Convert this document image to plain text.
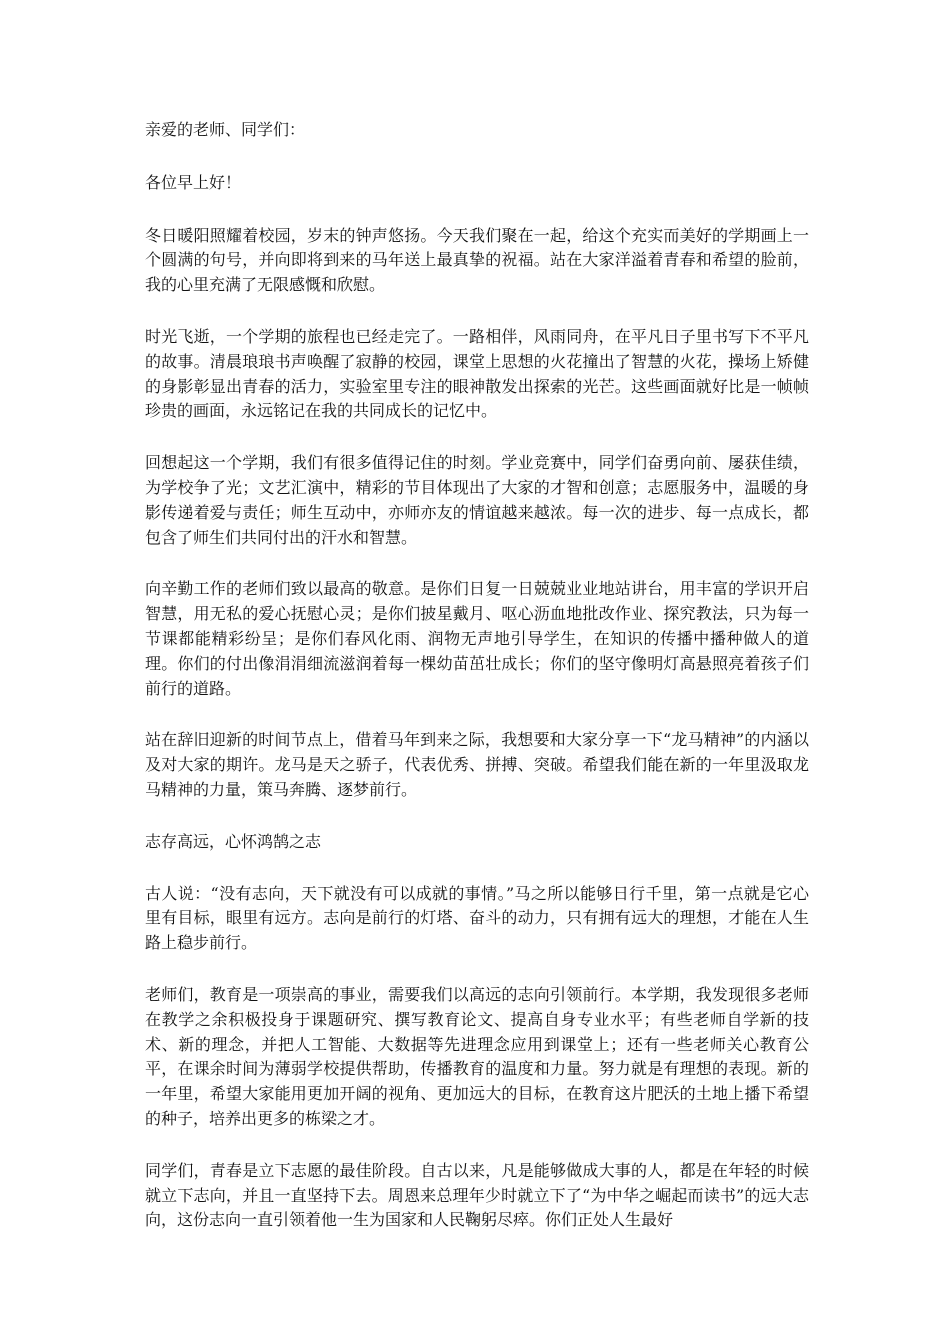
亲爱的老师、同学们：

各位早上好！

冬日暖阳照耀着校园，岁末的钟声悠扬。今天我们聚在一起，给这个充实而美好的学期画上一个圆满的句号，并向即将到来的马年送上最真挚的祝福。站在大家洋溢着青春和希望的脸前，我的心里充满了无限感慨和欣慰。

时光飞逝，一个学期的旅程也已经走完了。一路相伴，风雨同舟，在平凡日子里书写下不平凡的故事。清晨琅琅书声唤醒了寂静的校园，课堂上思想的火花撞出了智慧的火花，操场上矫健的身影彰显出青春的活力，实验室里专注的眼神散发出探索的光芒。这些画面就好比是一帧帧珍贵的画面，永远铭记在我的共同成长的记忆中。

回想起这一个学期，我们有很多值得记住的时刻。学业竞赛中，同学们奋勇向前、屡获佳绩，为学校争了光；文艺汇演中，精彩的节目体现出了大家的才智和创意；志愿服务中，温暖的身影传递着爱与责任；师生互动中，亦师亦友的情谊越来越浓。每一次的进步、每一点成长，都包含了师生们共同付出的汗水和智慧。

向辛勤工作的老师们致以最高的敬意。是你们日复一日兢兢业业地站讲台，用丰富的学识开启智慧，用无私的爱心抚慰心灵；是你们披星戴月、呕心沥血地批改作业、探究教法，只为每一节课都能精彩纷呈；是你们春风化雨、润物无声地引导学生，在知识的传播中播种做人的道理。你们的付出像涓涓细流滋润着每一棵幼苗茁壮成长；你们的坚守像明灯高悬照亮着孩子们前行的道路。

站在辞旧迎新的时间节点上，借着马年到来之际，我想要和大家分享一下“龙马精神”的内涵以及对大家的期许。龙马是天之骄子，代表优秀、拼搏、突破。希望我们能在新的一年里汲取龙马精神的力量，策马奔腾、逐梦前行。

志存高远，心怀鸿鹄之志

古人说：“没有志向，天下就没有可以成就的事情。”马之所以能够日行千里，第一点就是它心里有目标，眼里有远方。志向是前行的灯塔、奋斗的动力，只有拥有远大的理想，才能在人生路上稳步前行。

老师们，教育是一项崇高的事业，需要我们以高远的志向引领前行。本学期，我发现很多老师在教学之余积极投身于课题研究、撰写教育论文、提高自身专业水平；有些老师自学新的技术、新的理念，并把人工智能、大数据等先进理念应用到课堂上；还有一些老师关心教育公平，在课余时间为薄弱学校提供帮助，传播教育的温度和力量。努力就是有理想的表现。新的一年里，希望大家能用更加开阔的视角、更加远大的目标，在教育这片肥沃的土地上播下希望的种子，培养出更多的栋梁之才。

同学们，青春是立下志愿的最佳阶段。自古以来，凡是能够做成大事的人，都是在年轻的时候就立下志向，并且一直坚持下去。周恩来总理年少时就立下了“为中华之崛起而读书”的远大志向，这份志向一直引领着他一生为国家和人民鞠躬尽瘁。你们正处人生最好
